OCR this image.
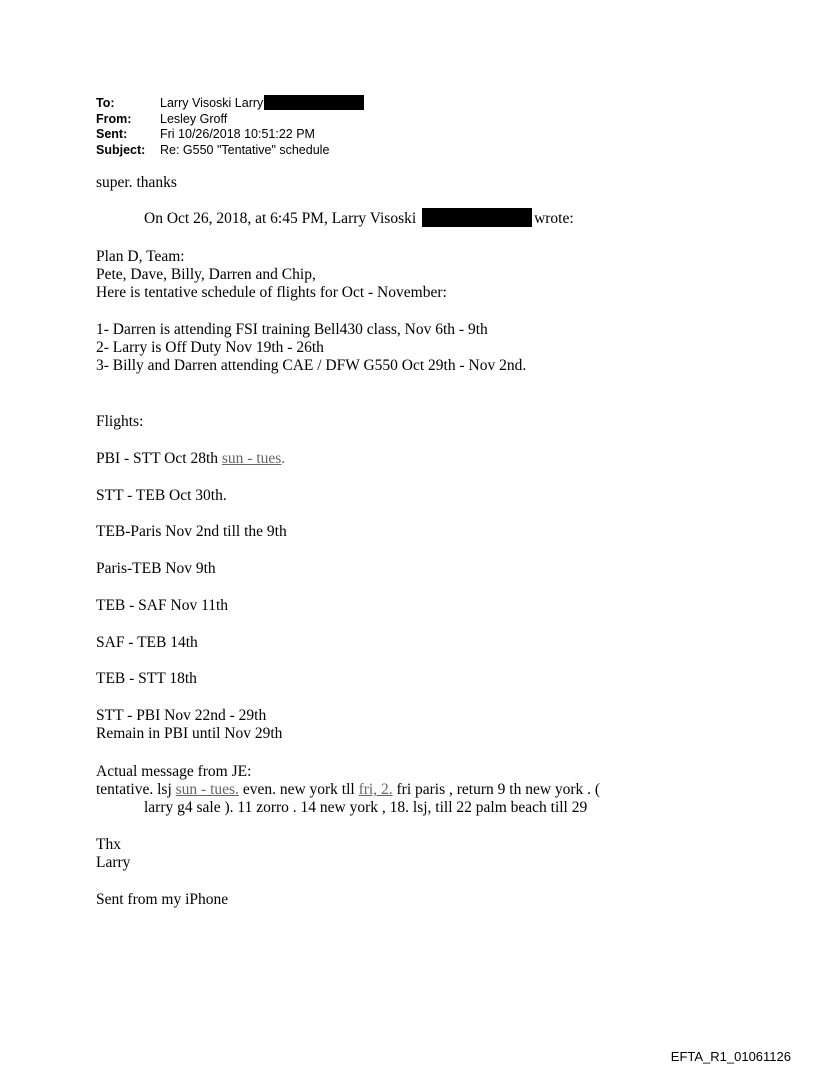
To:	Larry Visoski Larry
From:	Lesley Groff
Sent:	Fri 10/26/2018 10:51:22 PM
Subject:	Re: G550 "Tentative" schedule
super. thanks
On Oct 26, 2018, at 6:45 PM, Larry Visoski	wrote:
Plan D, Team:
Pete, Dave, Billy, Darren and Chip,
Here is tentative schedule of flights for Oct - November:
1- Darren is attending FSI training Bell430 class, Nov 6th - 9th
2- Larry is Off Duty Nov 19th - 26th
3- Billy and Darren attending CAE / DFW G550 Oct 29th - Nov 2nd.
Flights:
PBI - STT Oct 28th sun - tues.
STT - TEB Oct 30th.
TEB-Paris Nov 2nd till the 9th
Paris-TEB Nov 9th
TEB - SAF Nov 11th
SAF - TEB 14th
TEB - STT 18th
STT - PBI Nov 22nd - 29th
Remain in PBI until Nov 29th
Actual message from JE:
tentative. lsj sun - tues. even. new york tll fri, 2. fri paris , return 9 th new york . (
larry g4 sale ). 11 zorro . 14 new york , 18. lsj, till 22 palm beach till 29
Thx
Larry
Sent from my iPhone
EFTA_R1_01061126
